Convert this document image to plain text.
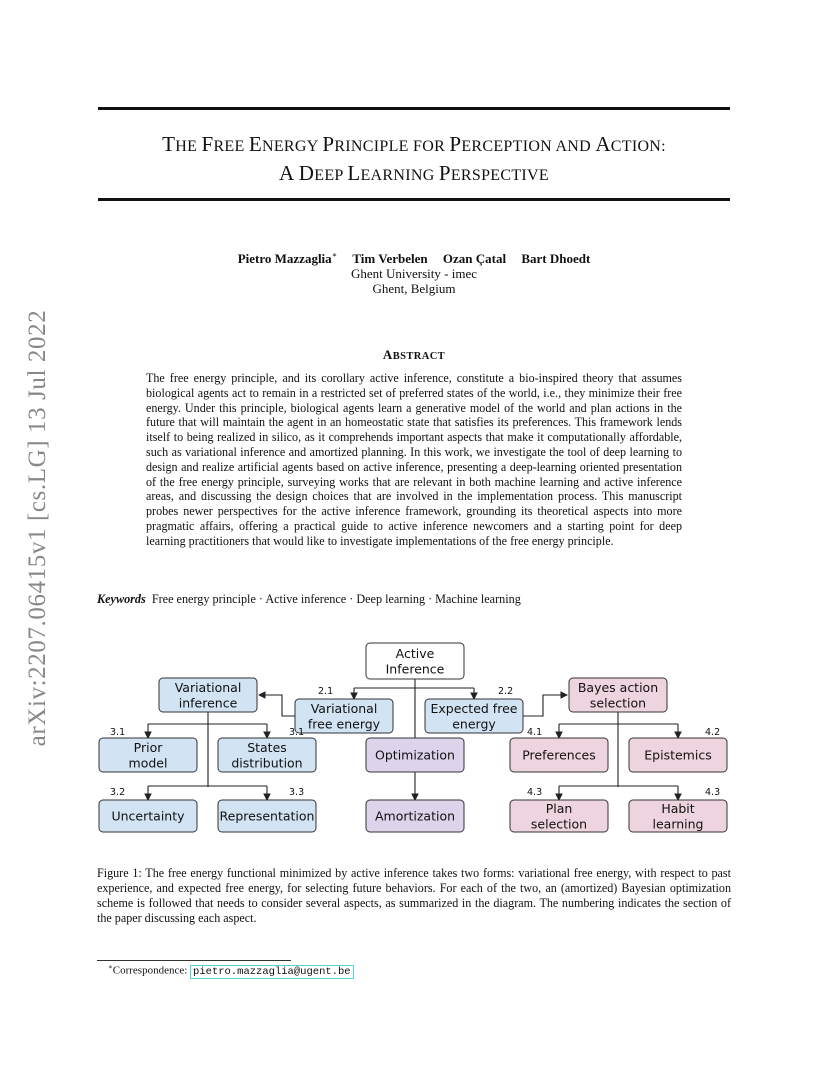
arXiv:2207.06415v1 [cs.LG] 13 Jul 2022
THE FREE ENERGY PRINCIPLE FOR PERCEPTION AND ACTION:
A DEEP LEARNING PERSPECTIVE
Pietro Mazzaglia∗ Tim Verbelen Ozan Çatal Bart Dhoedt
Ghent University - imec
Ghent, Belgium
ABSTRACT
The free energy principle, and its corollary active inference, constitute a bio-inspired theory that assumes biological agents act to remain in a restricted set of preferred states of the world, i.e., they minimize their free energy. Under this principle, biological agents learn a generative model of the world and plan actions in the future that will maintain the agent in an homeostatic state that satisfies its preferences. This framework lends itself to being realized in silico, as it comprehends important aspects that make it computationally affordable, such as variational inference and amortized planning. In this work, we investigate the tool of deep learning to design and realize artificial agents based on active inference, presenting a deep-learning oriented presentation of the free energy principle, surveying works that are relevant in both machine learning and active inference areas, and discussing the design choices that are involved in the implementation process. This manuscript probes newer perspectives for the active inference framework, grounding its theoretical aspects into more pragmatic affairs, offering a practical guide to active inference newcomers and a starting point for deep learning practitioners that would like to investigate implementations of the free energy principle.
Keywords Free energy principle · Active inference · Deep learning · Machine learning
Active
Inference
Variational
inference	Variational
free energy
Expected free
energy
Bayes action
selection
Prior
model
States
distribution
Optimization	Preferences	Epistemics
Uncertainty	Representation	Amortization
Plan
selection
Habit
learning
2.1	2.2
3.1	3.1
3.2	3.3
4.1	4.2
4.3	4.3
Figure 1: The free energy functional minimized by active inference takes two forms: variational free energy, with respect to past experience, and expected free energy, for selecting future behaviors. For each of the two, an (amortized) Bayesian optimization scheme is followed that needs to consider several aspects, as summarized in the diagram. The numbering indicates the section of the paper discussing each aspect.
∗Correspondence: pietro.mazzaglia@ugent.be
